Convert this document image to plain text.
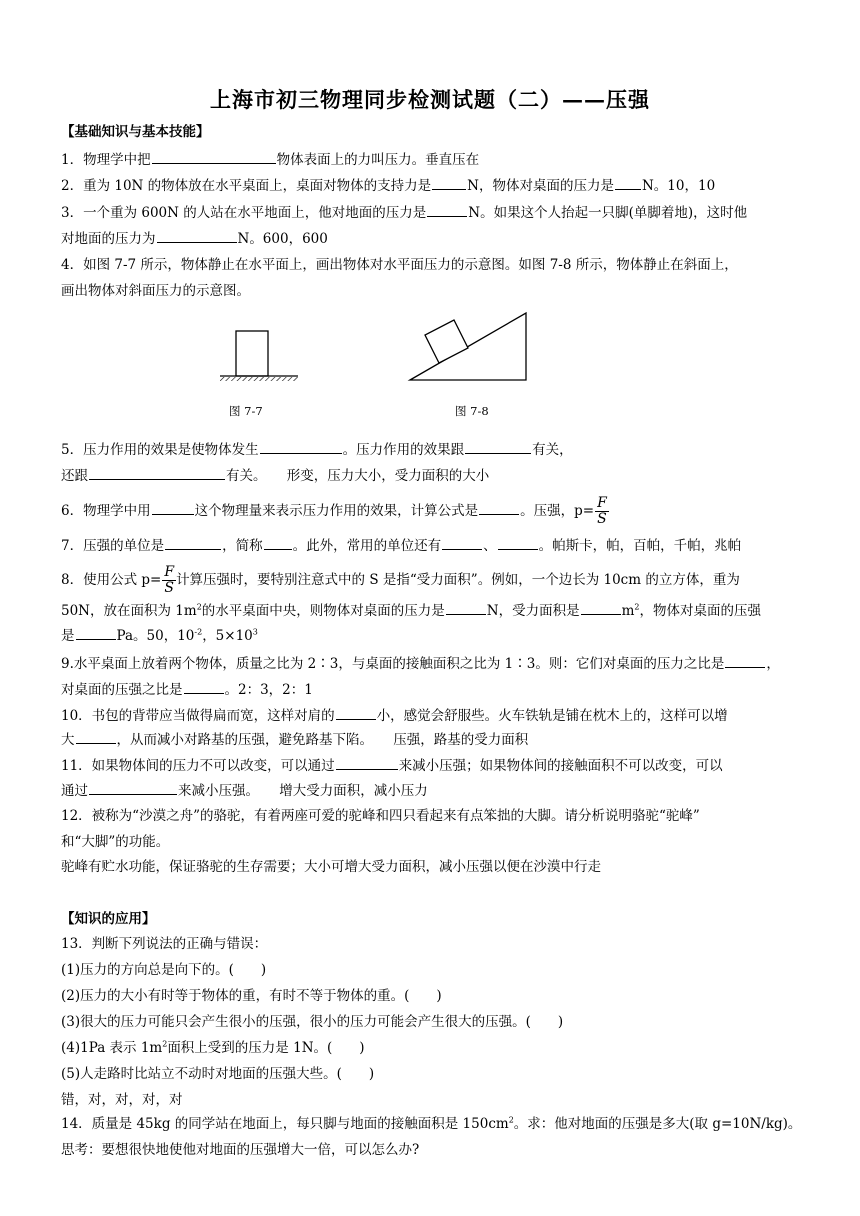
上海市初三物理同步检测试题（二）——压强
【基础知识与基本技能】
1．物理学中把	物体表面上的力叫压力。垂直压在
2．重为 10N 的物体放在水平桌面上，桌面对物体的支持力是	N，物体对桌面的压力是 N。10，10
3．一个重为 600N 的人站在水平地面上，他对地面的压力是	N。如果这个人抬起一只脚(单脚着地)，这时他
对地面的压力为	N。600，600
4．如图 7-7 所示，物体静止在水平面上，画出物体对水平面压力的示意图。如图 7-8 所示，物体静止在斜面上，
画出物体对斜面压力的示意图。
图 7-7	图 7-8
5．压力作用的效果是使物体发生	。压力作用的效果跟	有关，
还跟	有关。　　形变，压力大小，受力面积的大小
6．物理学中用	这个物理量来表示压力作用的效果，计算公式是	。压强，$p= \frac{F}{S}$
7．压强的单位是	，简称 。此外，常用的单位还有	、	。帕斯卡，帕，百帕，千帕，兆帕
8．使用公式 $p= \frac{F}{S}$ 计算压强时，要特别注意式中的 S 是指“受力面积”。例如，一个边长为 10cm 的立方体，重为
50N，放在面积为 $1m^2$的水平桌面中央，则物体对桌面的压力是	N，受力面积是	$m^2$，物体对桌面的压强
是	Pa。50，$10^{-2}$，$5\times 10^3$
9.水平桌面上放着两个物体，质量之比为 2∶3，与桌面的接触面积之比为 1∶3。则：它们对桌面的压力之比是	，
对桌面的压强之比是	。2：3，2：1
10．书包的背带应当做得扁而宽，这样对肩的	小，感觉会舒服些。火车铁轨是铺在枕木上的，这样可以增
大	，从而减小对路基的压强，避免路基下陷。　　压强，路基的受力面积
11．如果物体间的压力不可以改变，可以通过	来减小压强；如果物体间的接触面积不可以改变，可以
通过	来减小压强。　　增大受力面积，减小压力
12．被称为“沙漠之舟”的骆驼，有着两座可爱的驼峰和四只看起来有点笨拙的大脚。请分析说明骆驼“驼峰”
和“大脚”的功能。
驼峰有贮水功能，保证骆驼的生存需要；大小可增大受力面积，减小压强以便在沙漠中行走
【知识的应用】
13．判断下列说法的正确与错误：
(1)压力的方向总是向下的。(　　)
(2)压力的大小有时等于物体的重，有时不等于物体的重。(　　)
(3)很大的压力可能只会产生很小的压强，很小的压力可能会产生很大的压强。(　　)
(4)1Pa 表示 $1m^2$面积上受到的压力是 1N。(　　)
(5)人走路时比站立不动时对地面的压强大些。(　　)
错，对，对，对，对
14．质量是 45kg 的同学站在地面上，每只脚与地面的接触面积是 $150cm^2$。求：他对地面的压强是多大(取 g=10N/kg)。
思考：要想很快地使他对地面的压强增大一倍，可以怎么办?
